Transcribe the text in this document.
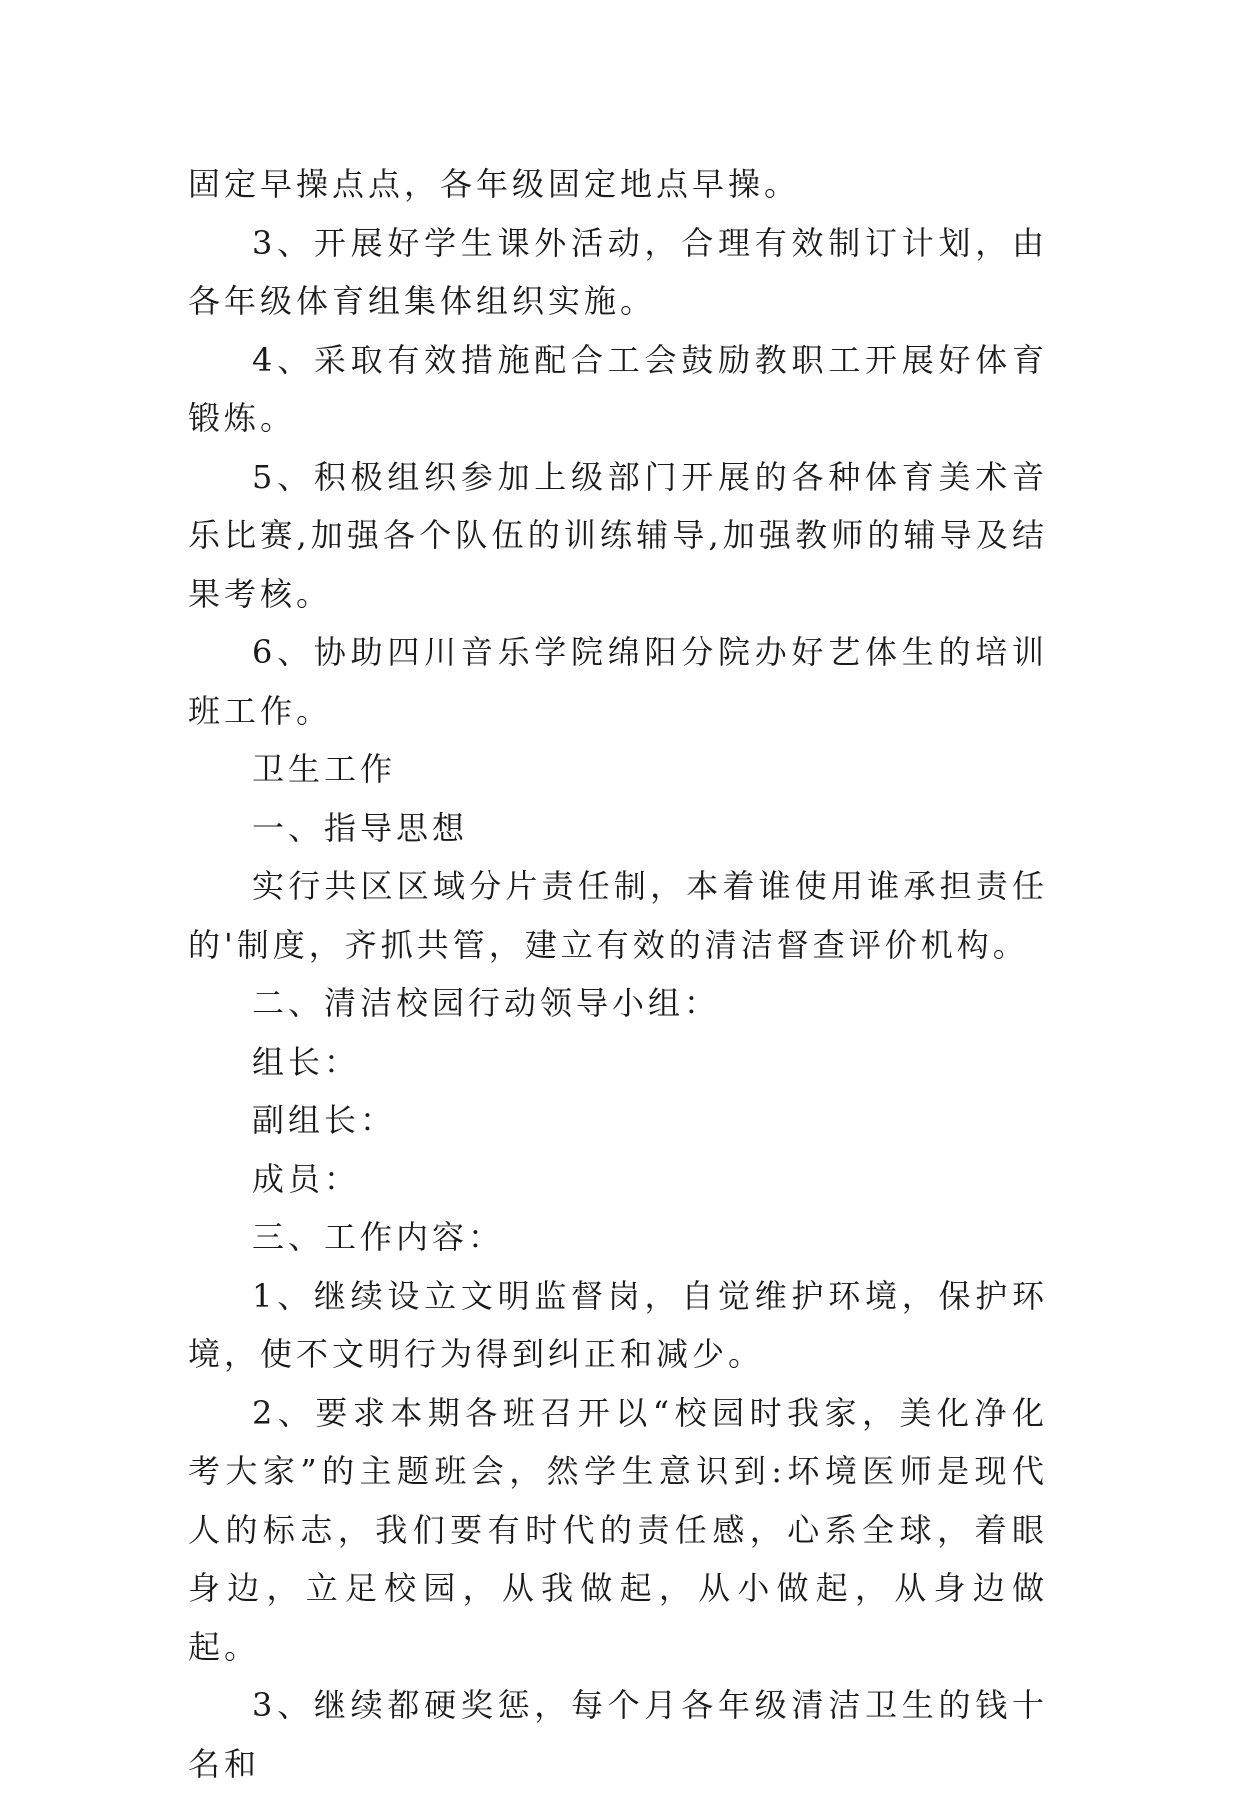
固定早操点点，各年级固定地点早操。

3、开展好学生课外活动，合理有效制订计划，由各年级体育组集体组织实施。

4、采取有效措施配合工会鼓励教职工开展好体育锻炼。

5、积极组织参加上级部门开展的各种体育美术音乐比赛,加强各个队伍的训练辅导,加强教师的辅导及结果考核。

6、协助四川音乐学院绵阳分院办好艺体生的培训班工作。

卫生工作

一、指导思想

实行共区区域分片责任制，本着谁使用谁承担责任的'制度，齐抓共管，建立有效的清洁督查评价机构。

二、清洁校园行动领导小组：

组长：

副组长：

成员：

三、工作内容：

1、继续设立文明监督岗，自觉维护环境，保护环境，使不文明行为得到纠正和减少。

2、要求本期各班召开以“校园时我家，美化净化考大家”的主题班会，然学生意识到:坏境医师是现代人的标志，我们要有时代的责任感，心系全球，着眼身边，立足校园，从我做起，从小做起，从身边做起。

3、继续都硬奖惩，每个月各年级清洁卫生的钱十名和
